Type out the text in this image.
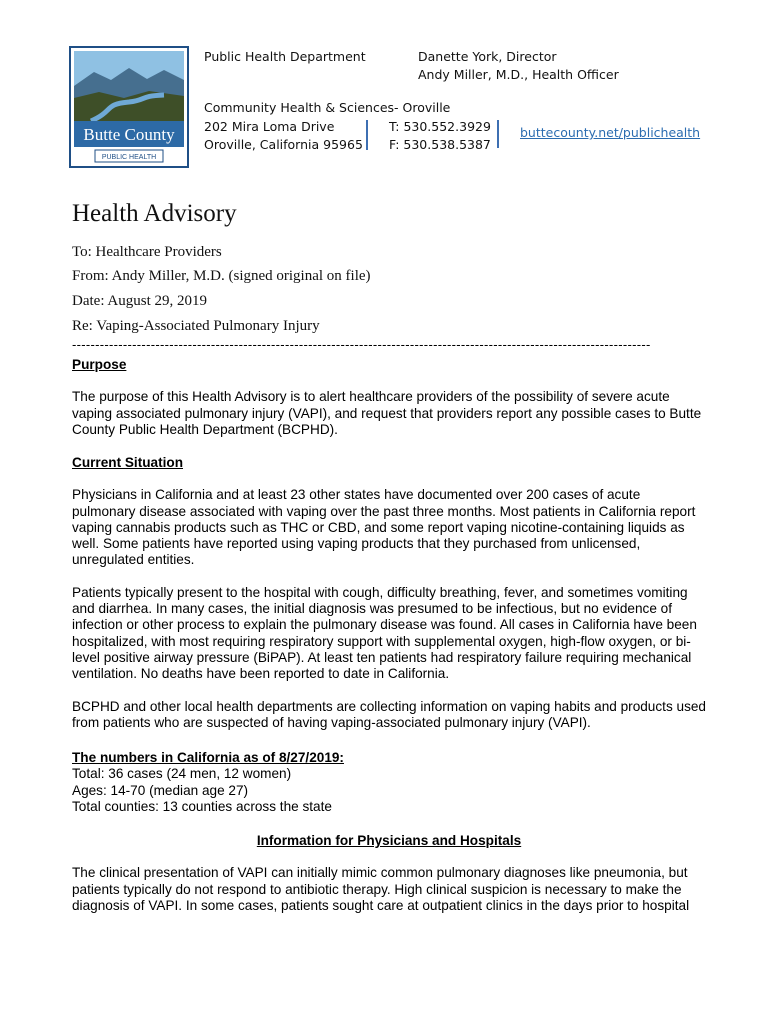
Butte County
PUBLIC HEALTH
Public Health Department	Danette York, Director
Andy Miller, M.D., Health Officer
Community Health & Sciences- Oroville
202 Mira Loma Drive
Oroville, California 95965
T: 530.552.3929
F: 530.538.5387
buttecounty.net/publichealth
Health Advisory
To: Healthcare Providers
From: Andy Miller, M.D. (signed original on file)
Date: August 29, 2019
Re: Vaping-Associated Pulmonary Injury
-----------------------------------------------------------------------------------------------------------------------------

Purpose

The purpose of this Health Advisory is to alert healthcare providers of the possibility of severe acute vaping associated pulmonary injury (VAPI), and request that providers report any possible cases to Butte County Public Health Department (BCPHD).

Current Situation

Physicians in California and at least 23 other states have documented over 200 cases of acute pulmonary disease associated with vaping over the past three months. Most patients in California report vaping cannabis products such as THC or CBD, and some report vaping nicotine-containing liquids as well. Some patients have reported using vaping products that they purchased from unlicensed, unregulated entities.

Patients typically present to the hospital with cough, difficulty breathing, fever, and sometimes vomiting and diarrhea. In many cases, the initial diagnosis was presumed to be infectious, but no evidence of infection or other process to explain the pulmonary disease was found. All cases in California have been hospitalized, with most requiring respiratory support with supplemental oxygen, high-flow oxygen, or bi-level positive airway pressure (BiPAP). At least ten patients had respiratory failure requiring mechanical ventilation. No deaths have been reported to date in California.

BCPHD and other local health departments are collecting information on vaping habits and products used from patients who are suspected of having vaping-associated pulmonary injury (VAPI).

The numbers in California as of 8/27/2019:

Total: 36 cases (24 men, 12 women)

Ages: 14-70 (median age 27)

Total counties: 13 counties across the state

Information for Physicians and Hospitals

The clinical presentation of VAPI can initially mimic common pulmonary diagnoses like pneumonia, but patients typically do not respond to antibiotic therapy. High clinical suspicion is necessary to make the diagnosis of VAPI. In some cases, patients sought care at outpatient clinics in the days prior to hospital
